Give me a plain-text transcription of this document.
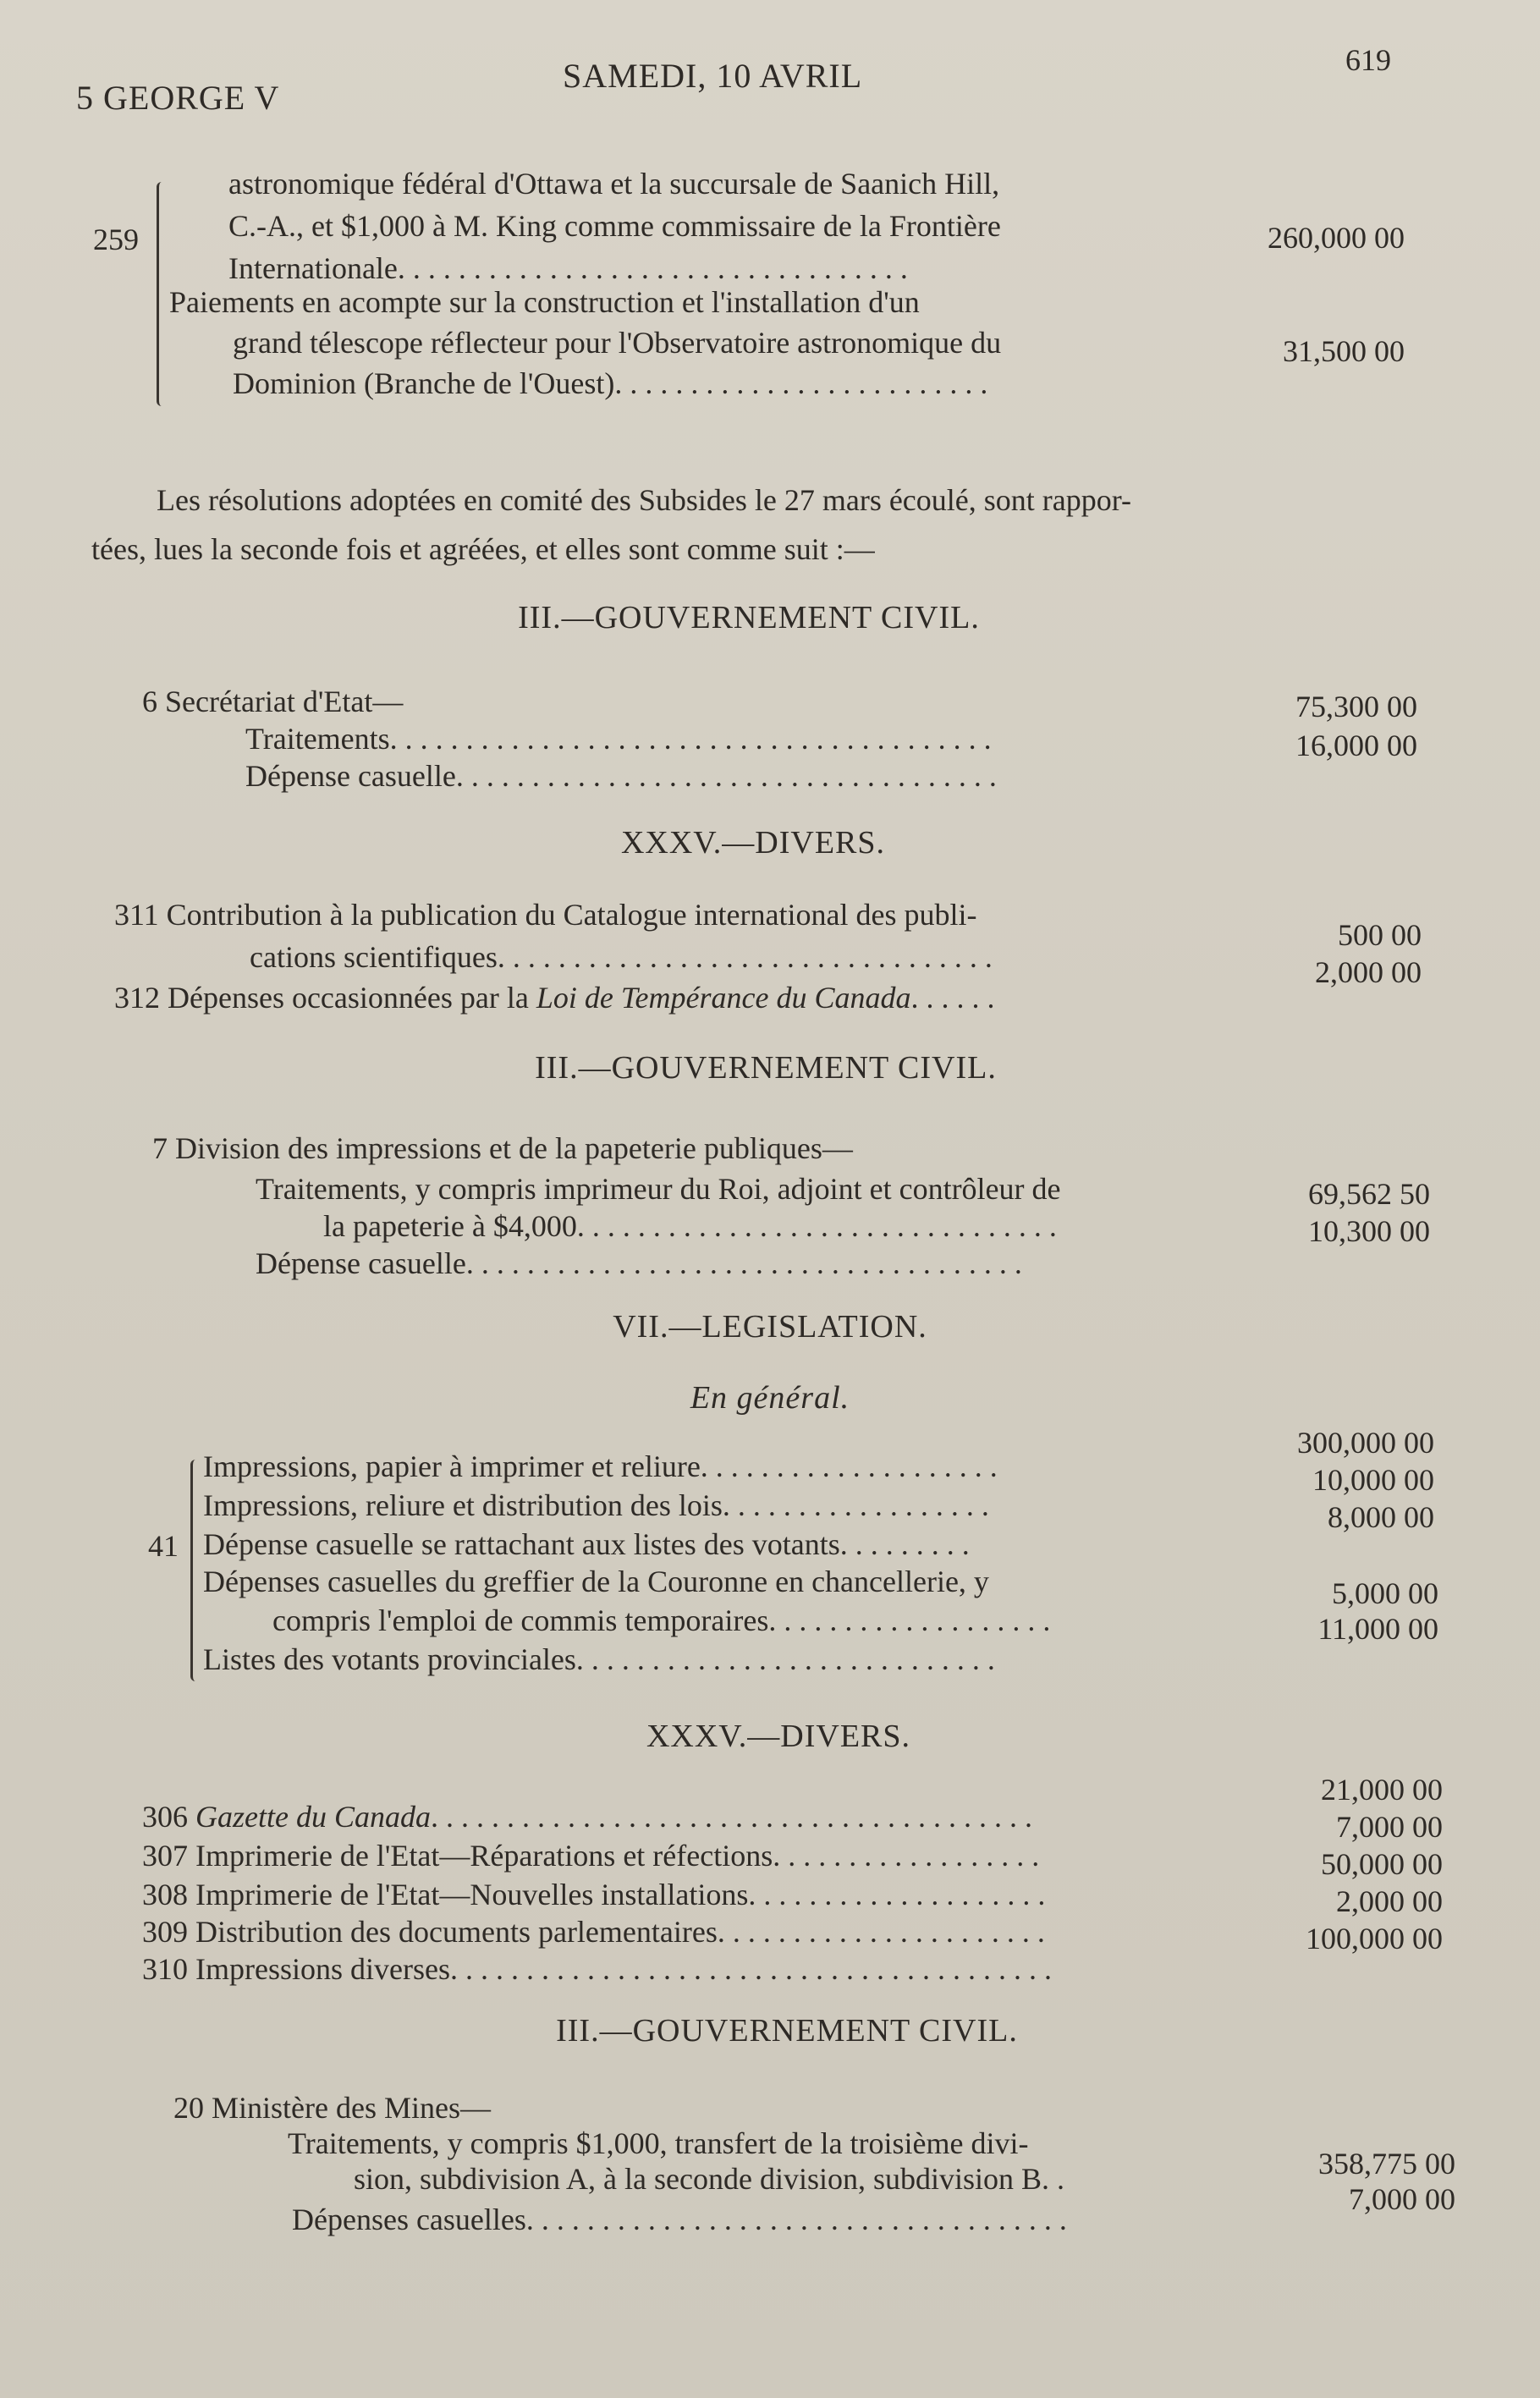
5 GEORGE V
SAMEDI, 10 AVRIL	619
259
astronomique fédéral d'Ottawa et la succursale de Saanich Hill,
C.-A., et $1,000 à M. King comme commissaire de la Frontière
Internationale. . . . . . . . . . . . . . . . . . . . . . . . . . . . . . . . . .
260,000 00
Paiements en acompte sur la construction et l'installation d'un
grand télescope réflecteur pour l'Observatoire astronomique du
Dominion (Branche de l'Ouest). . . . . . . . . . . . . . . . . . . . . . . . .
31,500 00
Les résolutions adoptées en comité des Subsides le 27 mars écoulé, sont rappor-
tées, lues la seconde fois et agréées, et elles sont comme suit :—
III.—GOUVERNEMENT CIVIL.
6 Secrétariat d'Etat—
Traitements. . . . . . . . . . . . . . . . . . . . . . . . . . . . . . . . . . . . . . . .
75,300 00
Dépense casuelle. . . . . . . . . . . . . . . . . . . . . . . . . . . . . . . . . . . .
16,000 00
XXXV.—DIVERS.
311 Contribution à la publication du Catalogue international des publi-
cations scientifiques. . . . . . . . . . . . . . . . . . . . . . . . . . . . . . . . .
500 00
312 Dépenses occasionnées par la Loi de Tempérance du Canada. . . . . .
2,000 00
III.—GOUVERNEMENT CIVIL.
7 Division des impressions et de la papeterie publiques—
Traitements, y compris imprimeur du Roi, adjoint et contrôleur de
la papeterie à $4,000. . . . . . . . . . . . . . . . . . . . . . . . . . . . . . . .
69,562 50
Dépense casuelle. . . . . . . . . . . . . . . . . . . . . . . . . . . . . . . . . . . . .
10,300 00
VII.—LEGISLATION.
En général.
41
Impressions, papier à imprimer et reliure. . . . . . . . . . . . . . . . . . . .
300,000 00
Impressions, reliure et distribution des lois. . . . . . . . . . . . . . . . . .
10,000 00
Dépense casuelle se rattachant aux listes des votants. . . . . . . . .
8,000 00
Dépenses casuelles du greffier de la Couronne en chancellerie, y
compris l'emploi de commis temporaires. . . . . . . . . . . . . . . . . . .
5,000 00
Listes des votants provinciales. . . . . . . . . . . . . . . . . . . . . . . . . . . .
11,000 00
XXXV.—DIVERS.
306 Gazette du Canada. . . . . . . . . . . . . . . . . . . . . . . . . . . . . . . . . . . . . . . .
21,000 00
307 Imprimerie de l'Etat—Réparations et réfections. . . . . . . . . . . . . . . . . .
7,000 00
308 Imprimerie de l'Etat—Nouvelles installations. . . . . . . . . . . . . . . . . . . .
50,000 00
309 Distribution des documents parlementaires. . . . . . . . . . . . . . . . . . . . . .
2,000 00
310 Impressions diverses. . . . . . . . . . . . . . . . . . . . . . . . . . . . . . . . . . . . . . . .
100,000 00
III.—GOUVERNEMENT CIVIL.
20 Ministère des Mines—
Traitements, y compris $1,000, transfert de la troisième divi-
sion, subdivision A, à la seconde division, subdivision B. .	358,775 00
Dépenses casuelles. . . . . . . . . . . . . . . . . . . . . . . . . . . . . . . . . . . .
7,000 00
